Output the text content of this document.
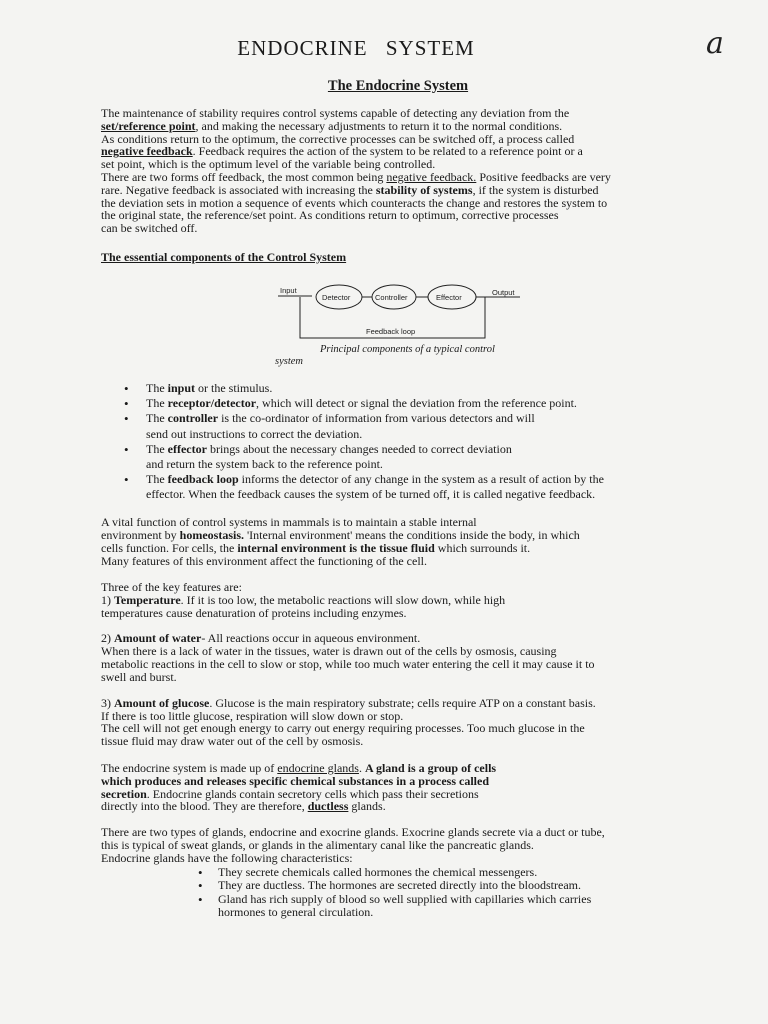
ENDOCRINE SYSTEM	a
The Endocrine System
The maintenance of stability requires control systems capable of detecting any deviation from the
set/reference point, and making the necessary adjustments to return it to the normal conditions.
As conditions return to the optimum, the corrective processes can be switched off, a process called
negative feedback. Feedback requires the action of the system to be related to a reference point or a
set point, which is the optimum level of the variable being controlled.
There are two forms off feedback, the most common being negative feedback. Positive feedbacks are very
rare. Negative feedback is associated with increasing the stability of systems, if the system is disturbed
the deviation sets in motion a sequence of events which counteracts the change and restores the system to
the original state, the reference/set point. As conditions return to optimum, corrective processes
can be switched off.
The essential components of the Control System
Input
Detector	Controller	Effector
Output
Feedback loop
Principal components of a typical control
system
• The input or the stimulus.
• The receptor/detector, which will detect or signal the deviation from the reference point.
• The controller is the co-ordinator of information from various detectors and will
send out instructions to correct the deviation.
• The effector brings about the necessary changes needed to correct deviation
and return the system back to the reference point.
• The feedback loop informs the detector of any change in the system as a result of action by the
effector. When the feedback causes the system of be turned off, it is called negative feedback.
A vital function of control systems in mammals is to maintain a stable internal
environment by homeostasis. 'Internal environment' means the conditions inside the body, in which
cells function. For cells, the internal environment is the tissue fluid which surrounds it.
Many features of this environment affect the functioning of the cell.
Three of the key features are:
1) Temperature. If it is too low, the metabolic reactions will slow down, while high
temperatures cause denaturation of proteins including enzymes.
2) Amount of water- All reactions occur in aqueous environment.
When there is a lack of water in the tissues, water is drawn out of the cells by osmosis, causing
metabolic reactions in the cell to slow or stop, while too much water entering the cell it may cause it to
swell and burst.
3) Amount of glucose. Glucose is the main respiratory substrate; cells require ATP on a constant basis.
If there is too little glucose, respiration will slow down or stop.
The cell will not get enough energy to carry out energy requiring processes. Too much glucose in the
tissue fluid may draw water out of the cell by osmosis.
The endocrine system is made up of endocrine glands. A gland is a group of cells
which produces and releases specific chemical substances in a process called
secretion. Endocrine glands contain secretory cells which pass their secretions
directly into the blood. They are therefore, ductless glands.
There are two types of glands, endocrine and exocrine glands. Exocrine glands secrete via a duct or tube,
this is typical of sweat glands, or glands in the alimentary canal like the pancreatic glands.
Endocrine glands have the following characteristics:
• They secrete chemicals called hormones the chemical messengers.
• They are ductless. The hormones are secreted directly into the bloodstream.
• Gland has rich supply of blood so well supplied with capillaries which carries
hormones to general circulation.
